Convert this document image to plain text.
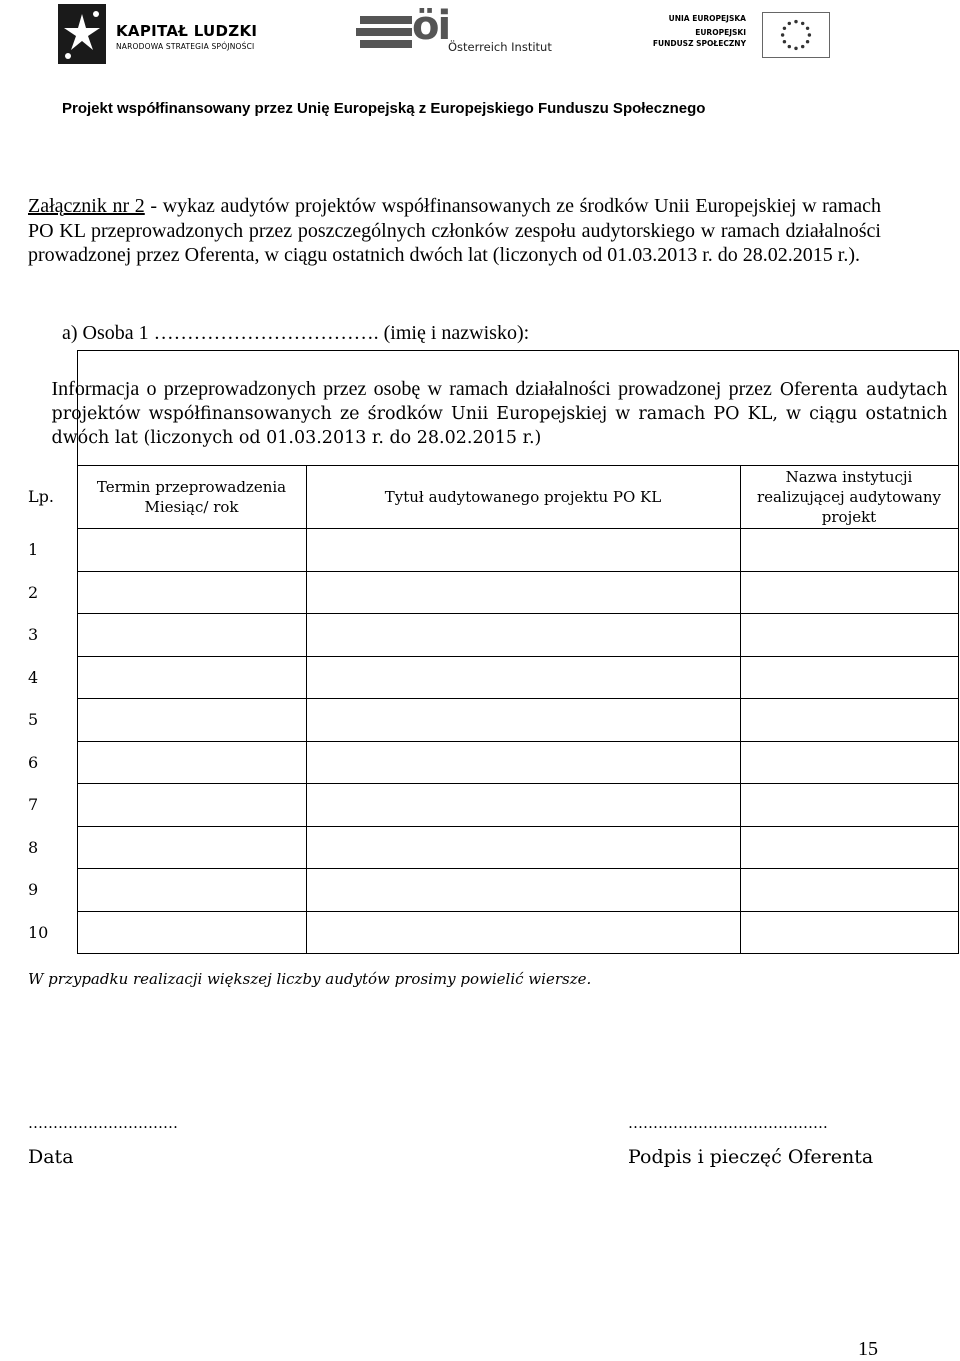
KAPITAŁ LUDZKI
NARODOWA STRATEGIA SPÓJNOŚCI	öi
Österreich Institut
UNIA EUROPEJSKA
EUROPEJSKI
FUNDUSZ SPOŁECZNY
Projekt współfinansowany przez Unię Europejską z Europejskiego Funduszu Społecznego
Załącznik nr 2 - wykaz audytów projektów współfinansowanych ze środków Unii Europejskiej w ramach PO KL przeprowadzonych przez poszczególnych członków zespołu audytorskiego w ramach działalności prowadzonej przez Oferenta, w ciągu ostatnich dwóch lat (liczonych od 01.03.2013 r. do 28.02.2015 r.).
a) Osoba 1 ……………………………. (imię i nazwisko):

	Informacja o przeprowadzonych przez osobę w ramach działalności prowadzonej przez Oferenta audytach projektów współfinansowanych ze środków Unii Europejskiej w ramach PO KL, w ciągu ostatnich dwóch lat (liczonych od 01.03.2013 r. do 28.02.2015 r.)		

Lp.	Termin przeprowadzenia Miesiąc/ rok	Tytuł audytowanego projektu PO KL	Nazwa instytucji realizującej audytowany projekt
1			
2			
3			
4			
5			
6			
7			
8			
9			
10			
W przypadku realizacji większej liczby audytów prosimy powielić wiersze.
…………………………	………………………………….
Data	Podpis i pieczęć Oferenta
15
